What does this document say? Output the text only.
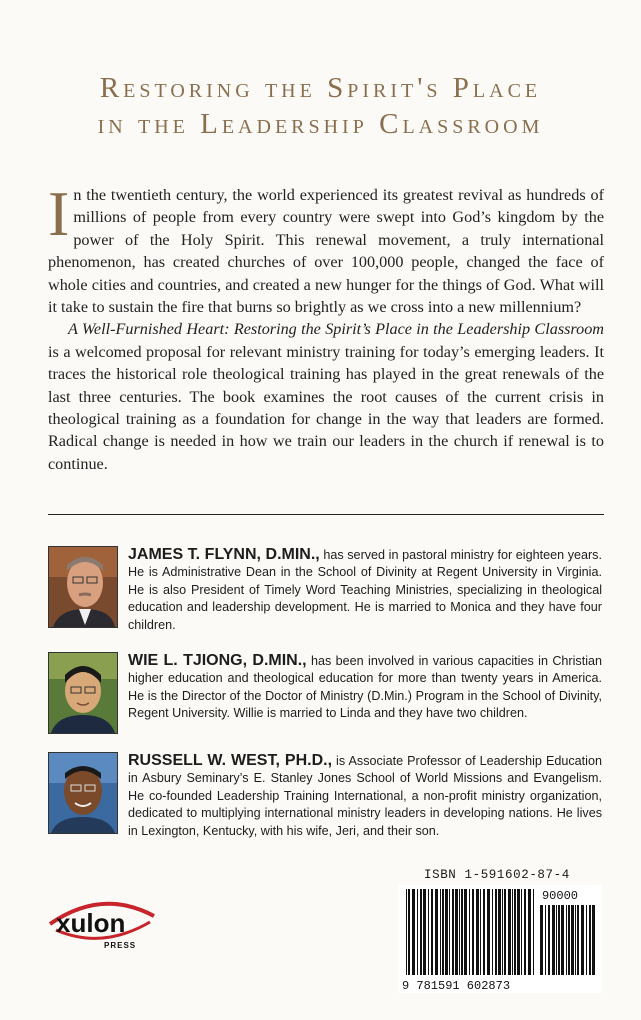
Restoring the Spirit's Place
in the Leadership Classroom

In the twentieth century, the world experienced its greatest revival as hundreds of millions of people from every country were swept into God’s kingdom by the power of the Holy Spirit. This renewal movement, a truly international phenomenon, has created churches of over 100,000 people, changed the face of whole cities and countries, and created a new hunger for the things of God. What will it take to sustain the fire that burns so brightly as we cross into a new millennium?

A Well-Furnished Heart: Restoring the Spirit’s Place in the Leadership Classroom is a welcomed proposal for relevant ministry training for today’s emerging leaders. It traces the historical role theological training has played in the great renewals of the last three centuries. The book examines the root causes of the current crisis in theological training as a foundation for change in the way that leaders are formed. Radical change is needed in how we train our leaders in the church if renewal is to continue.

JAMES T. FLYNN, D.MIN., has served in pastoral ministry for eighteen years. He is Administrative Dean in the School of Divinity at Regent University in Virginia. He is also President of Timely Word Teaching Ministries, specializing in theological education and leadership development. He is married to Monica and they have four children.
WIE L. TJIONG, D.MIN., has been involved in various capacities in Christian higher education and theological education for more than twenty years in America. He is the Director of the Doctor of Ministry (D.Min.) Program in the School of Divinity, Regent University. Willie is married to Linda and they have two children.
RUSSELL W. WEST, PH.D., is Associate Professor of Leadership Education in Asbury Seminary’s E. Stanley Jones School of World Missions and Evangelism. He co-founded Leadership Training International, a non-profit ministry organization, dedicated to multiplying international ministry leaders in developing nations. He lives in Lexington, Kentucky, with his wife, Jeri, and their son.
xulon
PRESS
ISBN 1-591602-87-4
90000
9 781591 602873
